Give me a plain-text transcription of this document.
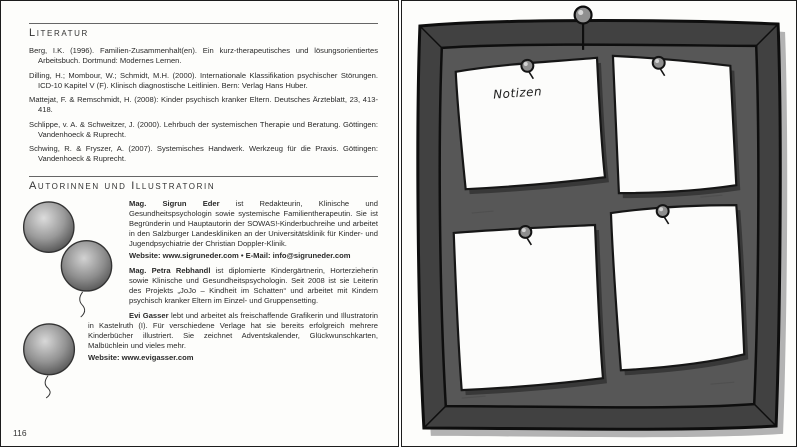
Literatur

Berg, I.K. (1996). Familien-Zusammenhalt(en). Ein kurz-therapeutisches und lösungsorientiertes Arbeitsbuch. Dortmund: Modernes Lernen.

Dilling, H.; Mombour, W.; Schmidt, M.H. (2000). Internationale Klassifikation psychischer Störungen. ICD-10 Kapitel V (F). Klinisch diagnostische Leitlinien. Bern: Verlag Hans Huber.

Mattejat, F. & Remschmidt, H. (2008): Kinder psychisch kranker Eltern. Deutsches Ärzteblatt, 23, 413-418.

Schlippe, v. A. & Schweitzer, J. (2000). Lehrbuch der systemischen Therapie und Beratung. Göttingen: Vandenhoeck & Ruprecht.

Schwing, R. & Fryszer, A. (2007). Systemisches Handwerk. Werkzeug für die Praxis. Göttingen: Vandenhoeck & Ruprecht.

Autorinnen und Illustratorin

Mag. Sigrun Eder ist Redakteurin, Klinische und Gesundheitspsychologin sowie systemische Familientherapeutin. Sie ist Begründerin und Hauptautorin der SOWAS!-Kinderbuchreihe und arbeitet in den Salzburger Landeskliniken an der Universitätsklinik für Kinder- und Jugendpsychiatrie der Christian Doppler-Klinik.
Website: www.sigruneder.com • E-Mail: info@sigruneder.com

Mag. Petra Rebhandl ist diplomierte Kindergärtnerin, Horterzieherin sowie Klinische und Gesundheitspsychologin. Seit 2008 ist sie Leiterin des Projekts „JoJo – Kindheit im Schatten“ und arbeitet mit Kindern psychisch kranker Eltern im Einzel- und Gruppensetting.

Evi Gasser lebt und arbeitet als freischaffende Grafikerin und Illustratorin in Kastelruth (I). Für verschiedene Verlage hat sie bereits erfolgreich mehrere Kinderbücher illustriert. Sie zeichnet Adventskalender, Glückwunschkarten, Malbüchlein und vieles mehr.
Website: www.evigasser.com

116
Notizen
